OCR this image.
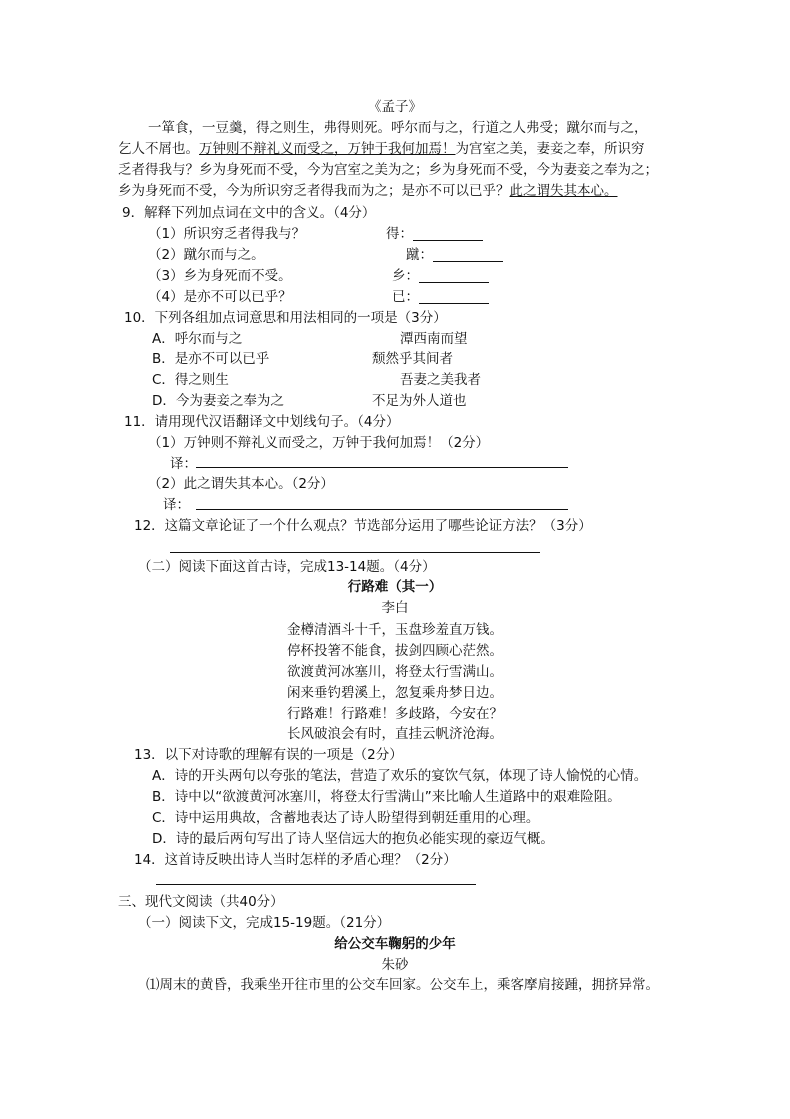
《孟子》
一箪食，一豆羹，得之则生，弗得则死。呼尔而与之，行道之人弗受；蹴尔而与之，
乞人不屑也。万钟则不辩礼义而受之，万钟于我何加焉！为宫室之美，妻妾之奉，所识穷
乏者得我与？乡为身死而不受，今为宫室之美为之；乡为身死而不受，今为妻妾之奉为之；
乡为身死而不受，今为所识穷乏者得我而为之；是亦不可以已乎？此之谓失其本心。
9．解释下列加点词在文中的含义。（4分）
（1）所识穷乏者得我与？	得：
（2）蹴尔而与之。	蹴：
（3）乡为身死而不受。	乡：
（4）是亦不可以已乎？	已：
10．下列各组加点词意思和用法相同的一项是（3分）
A．呼尔而与之	潭西南而望
B．是亦不可以已乎	颓然乎其间者
C．得之则生	吾妻之美我者
D．今为妻妾之奉为之	不足为外人道也
11．请用现代汉语翻译文中划线句子。（4分）
（1）万钟则不辩礼义而受之，万钟于我何加焉！（2分）
译：
（2）此之谓失其本心。（2分）
译：
12．这篇文章论证了一个什么观点？节选部分运用了哪些论证方法？（3分）
（二）阅读下面这首古诗，完成13-14题。（4分）
行路难（其一）
李白
金樽清酒斗十千，玉盘珍羞直万钱。
停杯投箸不能食，拔剑四顾心茫然。
欲渡黄河冰塞川，将登太行雪满山。
闲来垂钓碧溪上，忽复乘舟梦日边。
行路难！行路难！多歧路，今安在？
长风破浪会有时，直挂云帆济沧海。
13．以下对诗歌的理解有误的一项是（2分）
A．诗的开头两句以夸张的笔法，营造了欢乐的宴饮气氛，体现了诗人愉悦的心情。
B．诗中以“欲渡黄河冰塞川，将登太行雪满山”来比喻人生道路中的艰难险阻。
C．诗中运用典故，含蓄地表达了诗人盼望得到朝廷重用的心理。
D．诗的最后两句写出了诗人坚信远大的抱负必能实现的豪迈气概。
14．这首诗反映出诗人当时怎样的矛盾心理？（2分）
三、现代文阅读（共40分）
（一）阅读下文，完成15-19题。（21分）
给公交车鞠躬的少年
朱砂
⑴周末的黄昏，我乘坐开往市里的公交车回家。公交车上，乘客摩肩接踵，拥挤异常。
